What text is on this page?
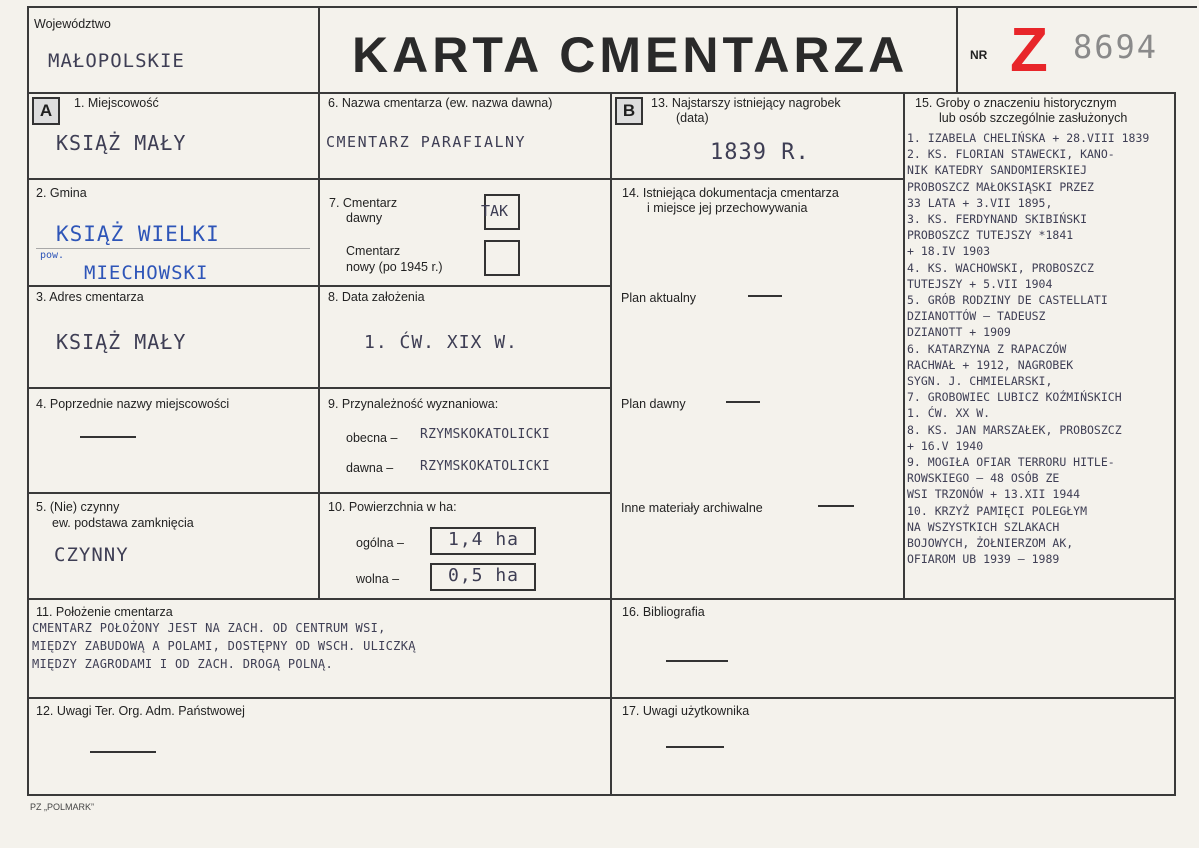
Województwo
MAŁOPOLSKIE	KARTA CMENTARZA	NR Z 8694
A	B
1. Miejscowość
KSIĄŻ MAŁY
2. Gmina
KSIĄŻ WIELKI
pow.
MIECHOWSKI
3. Adres cmentarza
KSIĄŻ MAŁY
4. Poprzednie nazwy miejscowości
5. (Nie) czynny
ew. podstawa zamknięcia
CZYNNY
6. Nazwa cmentarza (ew. nazwa dawna)
CMENTARZ PARAFIALNY
7. Cmentarz
dawny	TAK
Cmentarz
nowy (po 1945 r.)
8. Data założenia
1. ĆW. XIX W.
9. Przynależność wyznaniowa:
obecna – RZYMSKOKATOLICKI
dawna – RZYMSKOKATOLICKI
10. Powierzchnia w ha:
ogólna – 1,4 ha
wolna –	0,5 ha
11. Położenie cmentarza
CMENTARZ POŁOŻONY JEST NA ZACH. OD CENTRUM WSI,
MIĘDZY ZABUDOWĄ A POLAMI, DOSTĘPNY OD WSCH. ULICZKĄ
MIĘDZY ZAGRODAMI I OD ZACH. DROGĄ POLNĄ.
12. Uwagi Ter. Org. Adm. Państwowej
13. Najstarszy istniejący nagrobek
(data)
1839 R.
14. Istniejąca dokumentacja cmentarza
i miejsce jej przechowywania
Plan aktualny
Plan dawny
Inne materiały archiwalne
15. Groby o znaczeniu historycznym
lub osób szczególnie zasłużonych
1. IZABELA CHELIŃSKA + 28.VIII 1839
2. KS. FLORIAN STAWECKI, KANO-
NIK KATEDRY SANDOMIERSKIEJ
PROBOSZCZ MAŁOKSIĄSKI PRZEZ
33 LATA + 3.VII 1895,
3. KS. FERDYNAND SKIBIŃSKI
PROBOSZCZ TUTEJSZY *1841
+ 18.IV 1903
4. KS. WACHOWSKI, PROBOSZCZ
TUTEJSZY + 5.VII 1904
5. GRÓB RODZINY DE CASTELLATI
DZIANOTTÓW – TADEUSZ
DZIANOTT + 1909
6. KATARZYNA Z RAPACZÓW
RACHWAŁ + 1912, NAGROBEK
SYGN. J. CHMIELARSKI,
7. GROBOWIEC LUBICZ KOŹMIŃSKICH
1. ĆW. XX W.
8. KS. JAN MARSZAŁEK, PROBOSZCZ
+ 16.V 1940
9. MOGIŁA OFIAR TERRORU HITLE-
ROWSKIEGO – 48 OSÓB ZE
WSI TRZONÓW + 13.XII 1944
10. KRZYŻ PAMIĘCI POLEGŁYM
NA WSZYSTKICH SZLAKACH
BOJOWYCH, ŻOŁNIERZOM AK,
OFIAROM UB 1939 – 1989
16. Bibliografia
17. Uwagi użytkownika
PZ „POLMARK”
